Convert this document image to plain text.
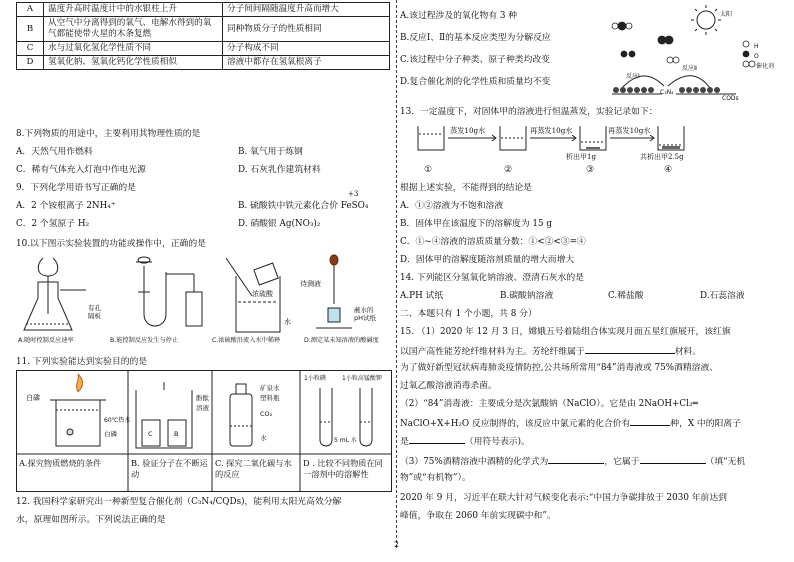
A	温度升高时温度计中的水银柱上升	分子间间隔随温度升高而增大
B	从空气中分离得到的氧气、电解水得到的氧气都能使带火星的木条复燃	同种物质分子的性质相同
C	水与过氧化氢化学性质不同	分子构成不同
D	氢氧化钠、氢氧化钙化学性质相似	溶液中都存在氢氧根离子
8.下列物质的用途中，主要利用其物理性质的是
A．天然气用作燃料	B. 氧气用于炼钢
C．稀有气体充入灯泡中作电光源	D. 石灰乳作建筑材料
9．下列化学用语书写正确的是
A．2 个铵根离子 2NH₄⁺	B. 硫酸铁中铁元素化合价 FeSO₄
+3
C．2 个氢原子 H₂	D. 硝酸银 Ag(NO₃)₂
10.以下图示实验装置的功能或操作中，正确的是
有孔
隔板
浓硫酸
水
待测液
蘸水的
pH试纸
A.随时控制反应速率	B.能控制反应发生与停止	C.浓硫酸沿流入水中稀释	D.测定某未知溶液的酸碱度
11. 下列实验能达到实验目的的是
白磷
60℃热水
白磷
酚酞
溶液
C	B
矿泉水
塑料瓶
CO₂
水
1小粒碘	1小粒高锰酸钾
5 mL 水
A.探究物质燃烧的条件	B. 验证分子在不断运动
C. 探究二氧化碳与水的反应
D . 比较不同物质在同一溶剂中的溶解性
12. 我国科学家研究出一种新型复合催化剂（C₃N₄/CQDs)，能利用太阳光高效分解
水，原理如图所示。下列说法正确的是
A.该过程涉及的氧化物有 3 种
B.反应Ⅰ、Ⅱ的基本反应类型为分解反应
C.该过程中分子种类、原子种类均改变
D.复合催化剂的化学性质和质量均不变
太阳
H
O
催化剂
反应Ⅰ
反应Ⅱ
C₃N₄
CQDs
13．一定温度下，对固体甲的溶液进行恒温蒸发，实验记录如下：
蒸发10g水	再蒸发10g水	再蒸发10g水
析出甲1g	共析出甲2.5g
①	②	③	④
根据上述实验，不能得到的结论是
A．①②溶液为不饱和溶液
B．固体甲在该温度下的溶解度为 15 g
C．①~④溶液的溶质质量分数：①<②<③=④
D．固体甲的溶解度随溶剂质量的增大而增大
14. 下列能区分氢氧化钠溶液、澄清石灰水的是
A.PH 试纸	B.碳酸钠溶液	C.稀盐酸	D.石蕊溶液
二、本题只有 1 个小题，共 8 分）
15. （1）2020 年 12 月 3 日，嫦娥五号着陆组合体实现月面五星红旗展开，该红旗
以国产高性能芳纶纤维材料为主。芳纶纤维属于	材料。
为了做好新型冠状病毒肺炎疫情防控,公共场所常用“84”消毒液或 75%酒精溶液、
过氧乙酸溶液消毒杀菌。
（2）“84”消毒液：主要成分是次氯酸钠（NaClO）。它是由 2NaOH+Cl₂═
NaClO+X+H₂O 反应制得的，该反应中氯元素的化合价有	种，X 中的阳离子
是	（用符号表示)。
（3）75%酒精溶液中酒精的化学式为	，它属于	（填“无机
物”或“有机物”）。
2020 年 9 月，习近平在联大针对气候变化表示:“中国力争碳排放于 2030 年前达到
峰值，争取在 2060 年前实现碳中和”。
2
